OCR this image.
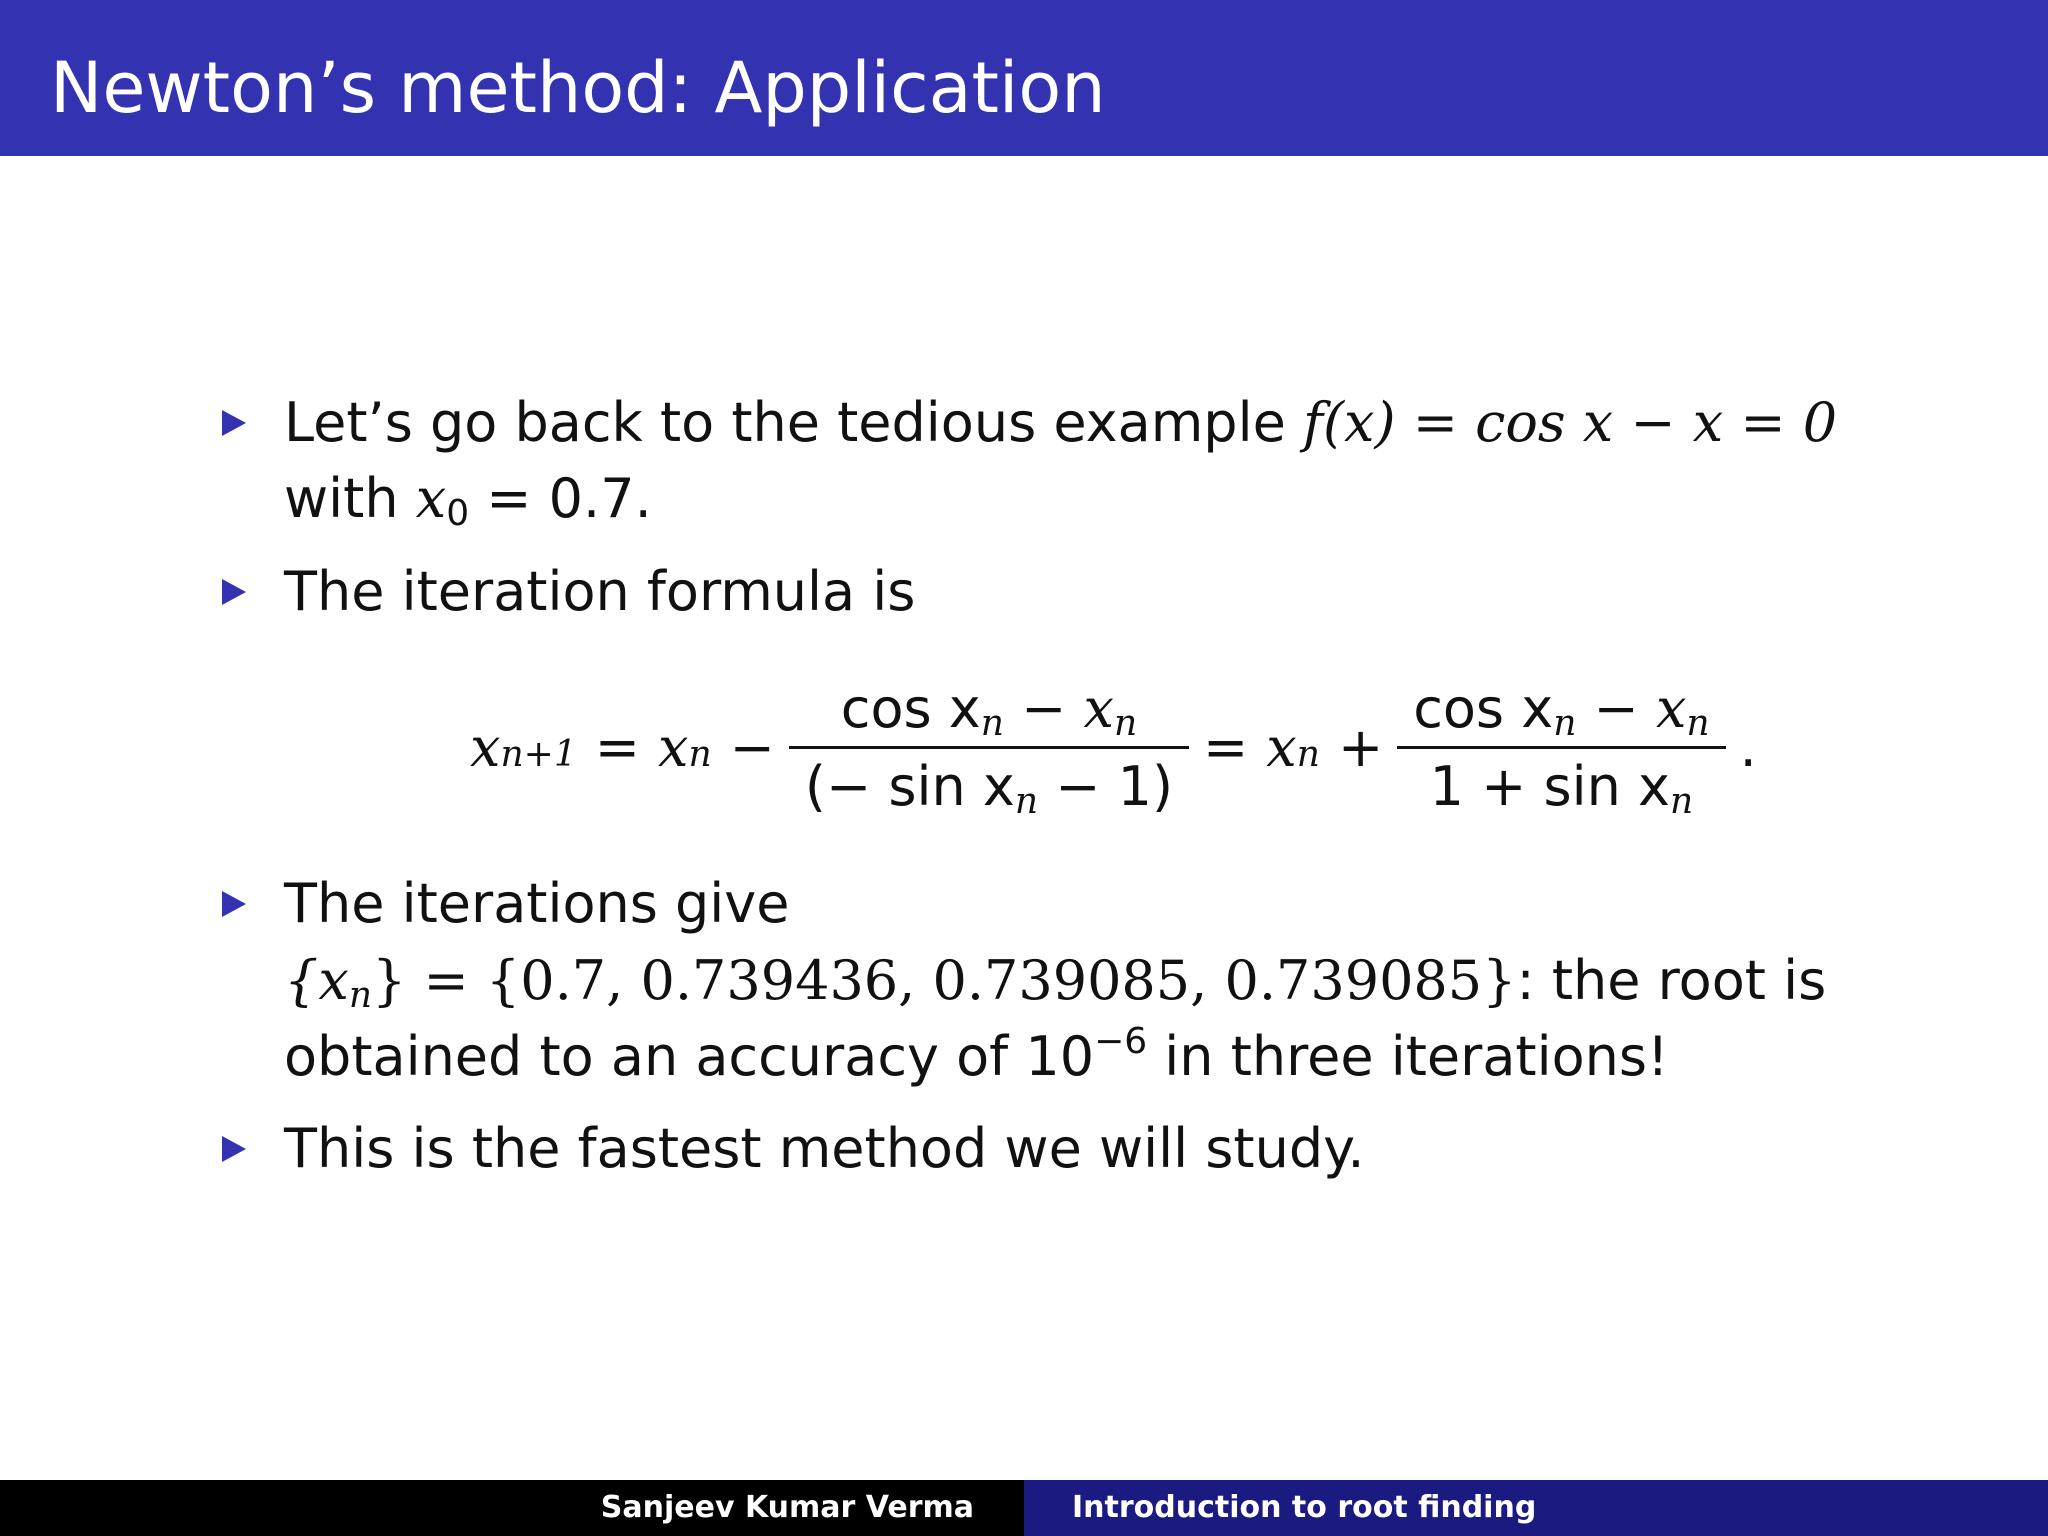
Newton’s method: Application
Let’s go back to the tedious example f(x) = cos x − x = 0
with $x_0 = 0.7$.
The iteration formula is
$x_{n+1} = x_n - \frac{\cos x_n - x_n}{(- \sin x_n - 1)} = x_n + \frac{\cos x_n - x_n}{1 + \sin x_n}$ .
The iterations give
$\{x_n\} = \{0.7$, 0.739436, 0.739085, 0.739085}: the root is
obtained to an accuracy of $10^{-6}$ in three iterations!
This is the fastest method we will study.
Sanjeev Kumar Verma	Introduction to root finding
